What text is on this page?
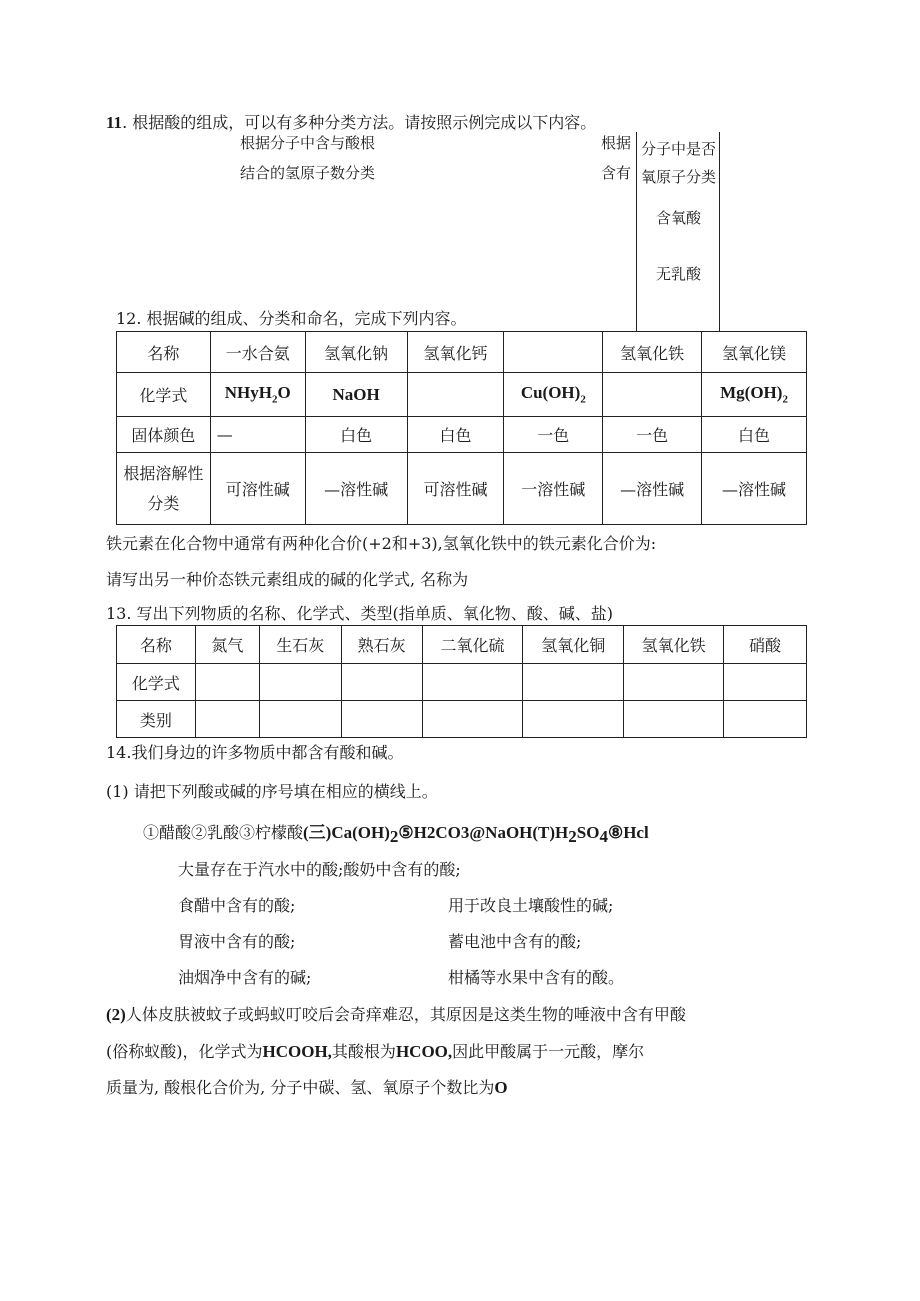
11. 根据酸的组成，可以有多种分类方法。请按照示例完成以下内容。
根据分子中含与酸根
结合的氢原子数分类
根据
含有
分子中是否
氧原子分类
含氧酸
无乳酸
12. 根据碱的组成、分类和命名，完成下列内容。
名称	一水合氨	氢氧化钠	氢氧化钙		氢氧化铁	氢氧化镁
化学式	NHyH$_2$O	NaOH		$Cu(OH)_2$		$Mg(OH)_2$
固体颜色	—	白色	白色	一色	一色	白色

根据溶解性
分类	可溶性碱	—溶性碱	可溶性碱	一溶性碱	—溶性碱	—溶性碱
铁元素在化合物中通常有两种化合价(+2和+3),氢氧化铁中的铁元素化合价为:
请写出另一种价态铁元素组成的碱的化学式, 名称为
13. 写出下列物质的名称、化学式、类型(指单质、氧化物、酸、碱、盐)
名称	氮气	生石灰	熟石灰	二氧化硫	氢氧化铜	氢氧化铁	硝酸
化学式							
类别							
14.我们身边的许多物质中都含有酸和碱。
(1) 请把下列酸或碱的序号填在相应的横线上。
①醋酸②乳酸③柠檬酸(三)$Ca(OH)_2⑤H2CO3@NaOH(T)H_2SO_4⑧Hcl$
大量存在于汽水中的酸;酸奶中含有的酸;
食醋中含有的酸;	用于改良土壤酸性的碱;
胃液中含有的酸;	蓄电池中含有的酸;
油烟净中含有的碱;	柑橘等水果中含有的酸。
(2)人体皮肤被蚊子或蚂蚁叮咬后会奇痒难忍，其原因是这类生物的唾液中含有甲酸
(俗称蚁酸)，化学式为HCOOH,其酸根为HCOO,因此甲酸属于一元酸，摩尔
质量为, 酸根化合价为, 分子中碳、氢、氧原子个数比为O
